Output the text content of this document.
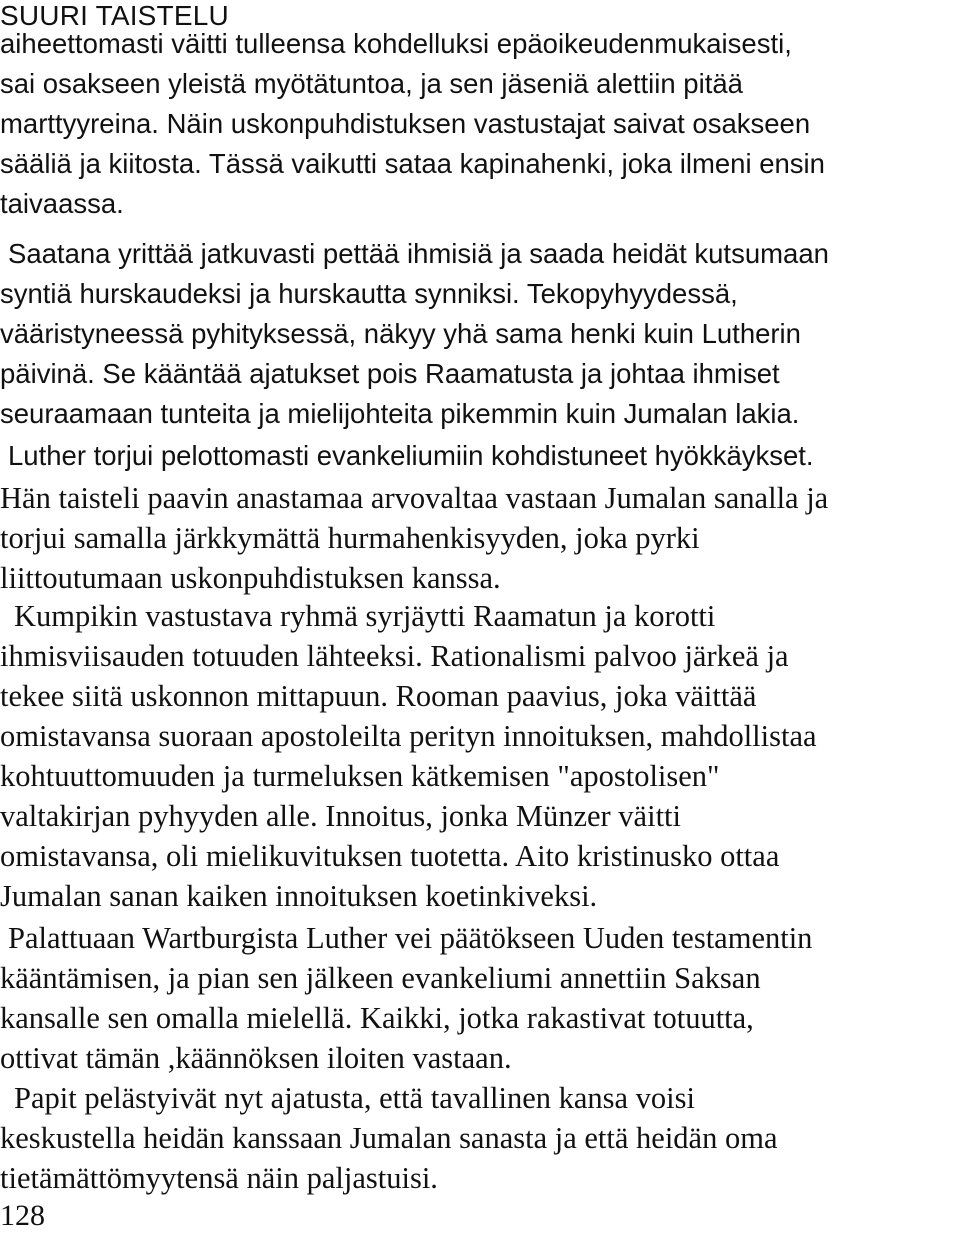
SUURI TAISTELU
aiheettomasti väitti tulleensa kohdelluksi epäoikeudenmukaisesti,
sai osakseen yleistä myötätuntoa, ja sen jäseniä alettiin pitää
marttyyreina. Näin uskonpuhdistuksen vastustajat saivat osakseen
sääliä ja kiitosta. Tässä vaikutti sataa kapinahenki, joka ilmeni ensin
taivaassa.
Saatana yrittää jatkuvasti pettää ihmisiä ja saada heidät kutsumaan
syntiä hurskaudeksi ja hurskautta synniksi. Tekopyhyydessä,
vääristyneessä pyhityksessä, näkyy yhä sama henki kuin Lutherin
päivinä. Se kääntää ajatukset pois Raamatusta ja johtaa ihmiset
seuraamaan tunteita ja mielijohteita pikemmin kuin Jumalan lakia.
Luther torjui pelottomasti evankeliumiin kohdistuneet hyökkäykset.
Hän taisteli paavin anastamaa arvovaltaa vastaan Jumalan sanalla ja
torjui samalla järkkymättä hurmahenkisyyden, joka pyrki
liittoutumaan uskonpuhdistuksen kanssa.
Kumpikin vastustava ryhmä syrjäytti Raamatun ja korotti
ihmisviisauden totuuden lähteeksi. Rationalismi palvoo järkeä ja
tekee siitä uskonnon mittapuun. Rooman paavius, joka väittää
omistavansa suoraan apostoleilta perityn innoituksen, mahdollistaa
kohtuuttomuuden ja turmeluksen kätkemisen "apostolisen"
valtakirjan pyhyyden alle. Innoitus, jonka Münzer väitti
omistavansa, oli mielikuvituksen tuotetta. Aito kristinusko ottaa
Jumalan sanan kaiken innoituksen koetinkiveksi.
Palattuaan Wartburgista Luther vei päätökseen Uuden testamentin
kääntämisen, ja pian sen jälkeen evankeliumi annettiin Saksan
kansalle sen omalla mielellä. Kaikki, jotka rakastivat totuutta,
ottivat tämän ,käännöksen iloiten vastaan.
Papit pelästyivät nyt ajatusta, että tavallinen kansa voisi
keskustella heidän kanssaan Jumalan sanasta ja että heidän oma
tietämättömyytensä näin paljastuisi.
128
